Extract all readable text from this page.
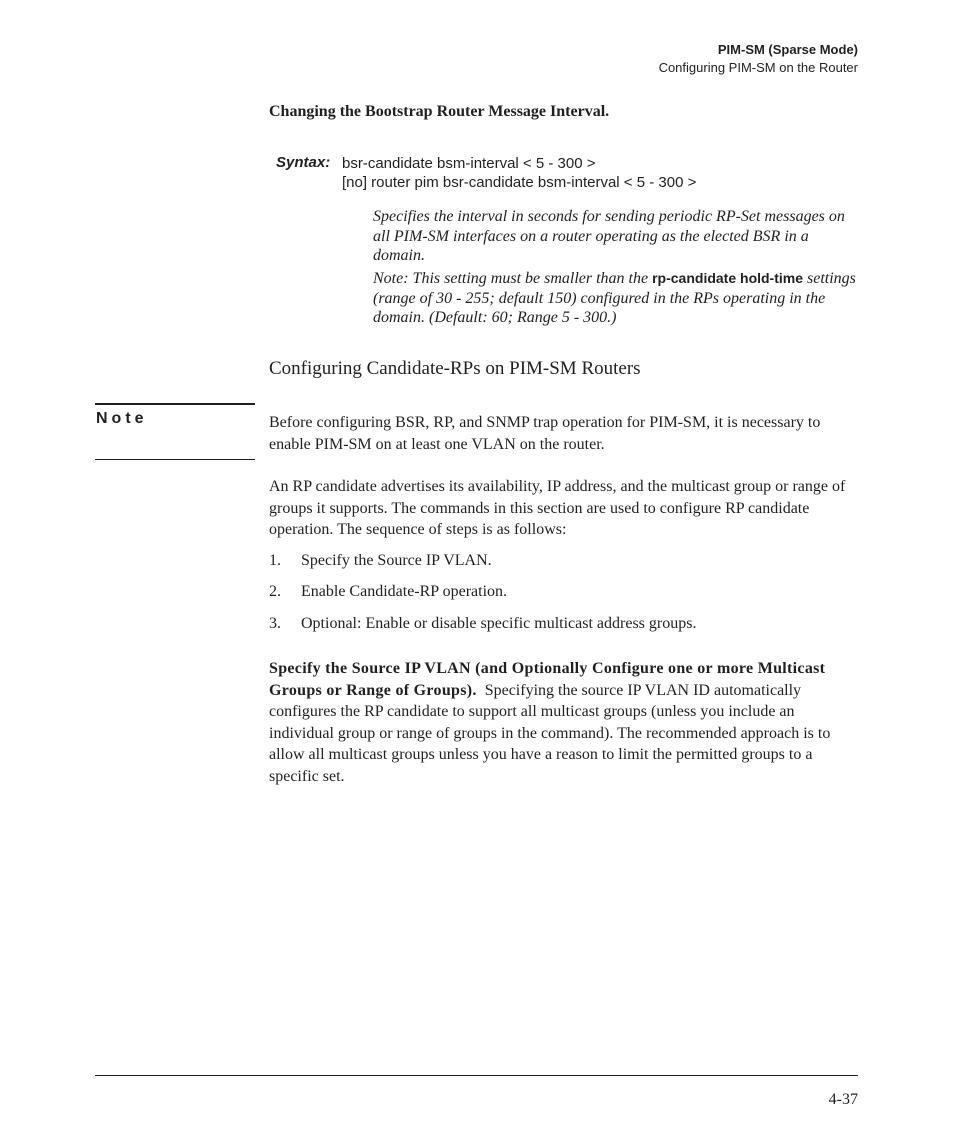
PIM-SM (Sparse Mode)
Configuring PIM-SM on the Router
Changing the Bootstrap Router Message Interval.
Syntax: bsr-candidate bsm-interval < 5 - 300 >
[no] router pim bsr-candidate bsm-interval < 5 - 300 >
Specifies the interval in seconds for sending periodic RP-Set messages on all PIM-SM interfaces on a router operating as the elected BSR in a domain.
Note: This setting must be smaller than the rp-candidate hold-time settings (range of 30 - 255; default 150) configured in the RPs operating in the domain. (Default: 60; Range 5 - 300.)
Configuring Candidate-RPs on PIM-SM Routers
Note	Before configuring BSR, RP, and SNMP trap operation for PIM-SM, it is necessary to enable PIM-SM on at least one VLAN on the router.
An RP candidate advertises its availability, IP address, and the multicast group or range of groups it supports. The commands in this section are used to configure RP candidate operation. The sequence of steps is as follows:
1. Specify the Source IP VLAN.
2. Enable Candidate-RP operation.
3. Optional: Enable or disable specific multicast address groups.
Specify the Source IP VLAN (and Optionally Configure one or more Multicast Groups or Range of Groups). Specifying the source IP VLAN ID automatically configures the RP candidate to support all multicast groups (unless you include an individual group or range of groups in the command). The recommended approach is to allow all multicast groups unless you have a reason to limit the permitted groups to a specific set.
4-37
